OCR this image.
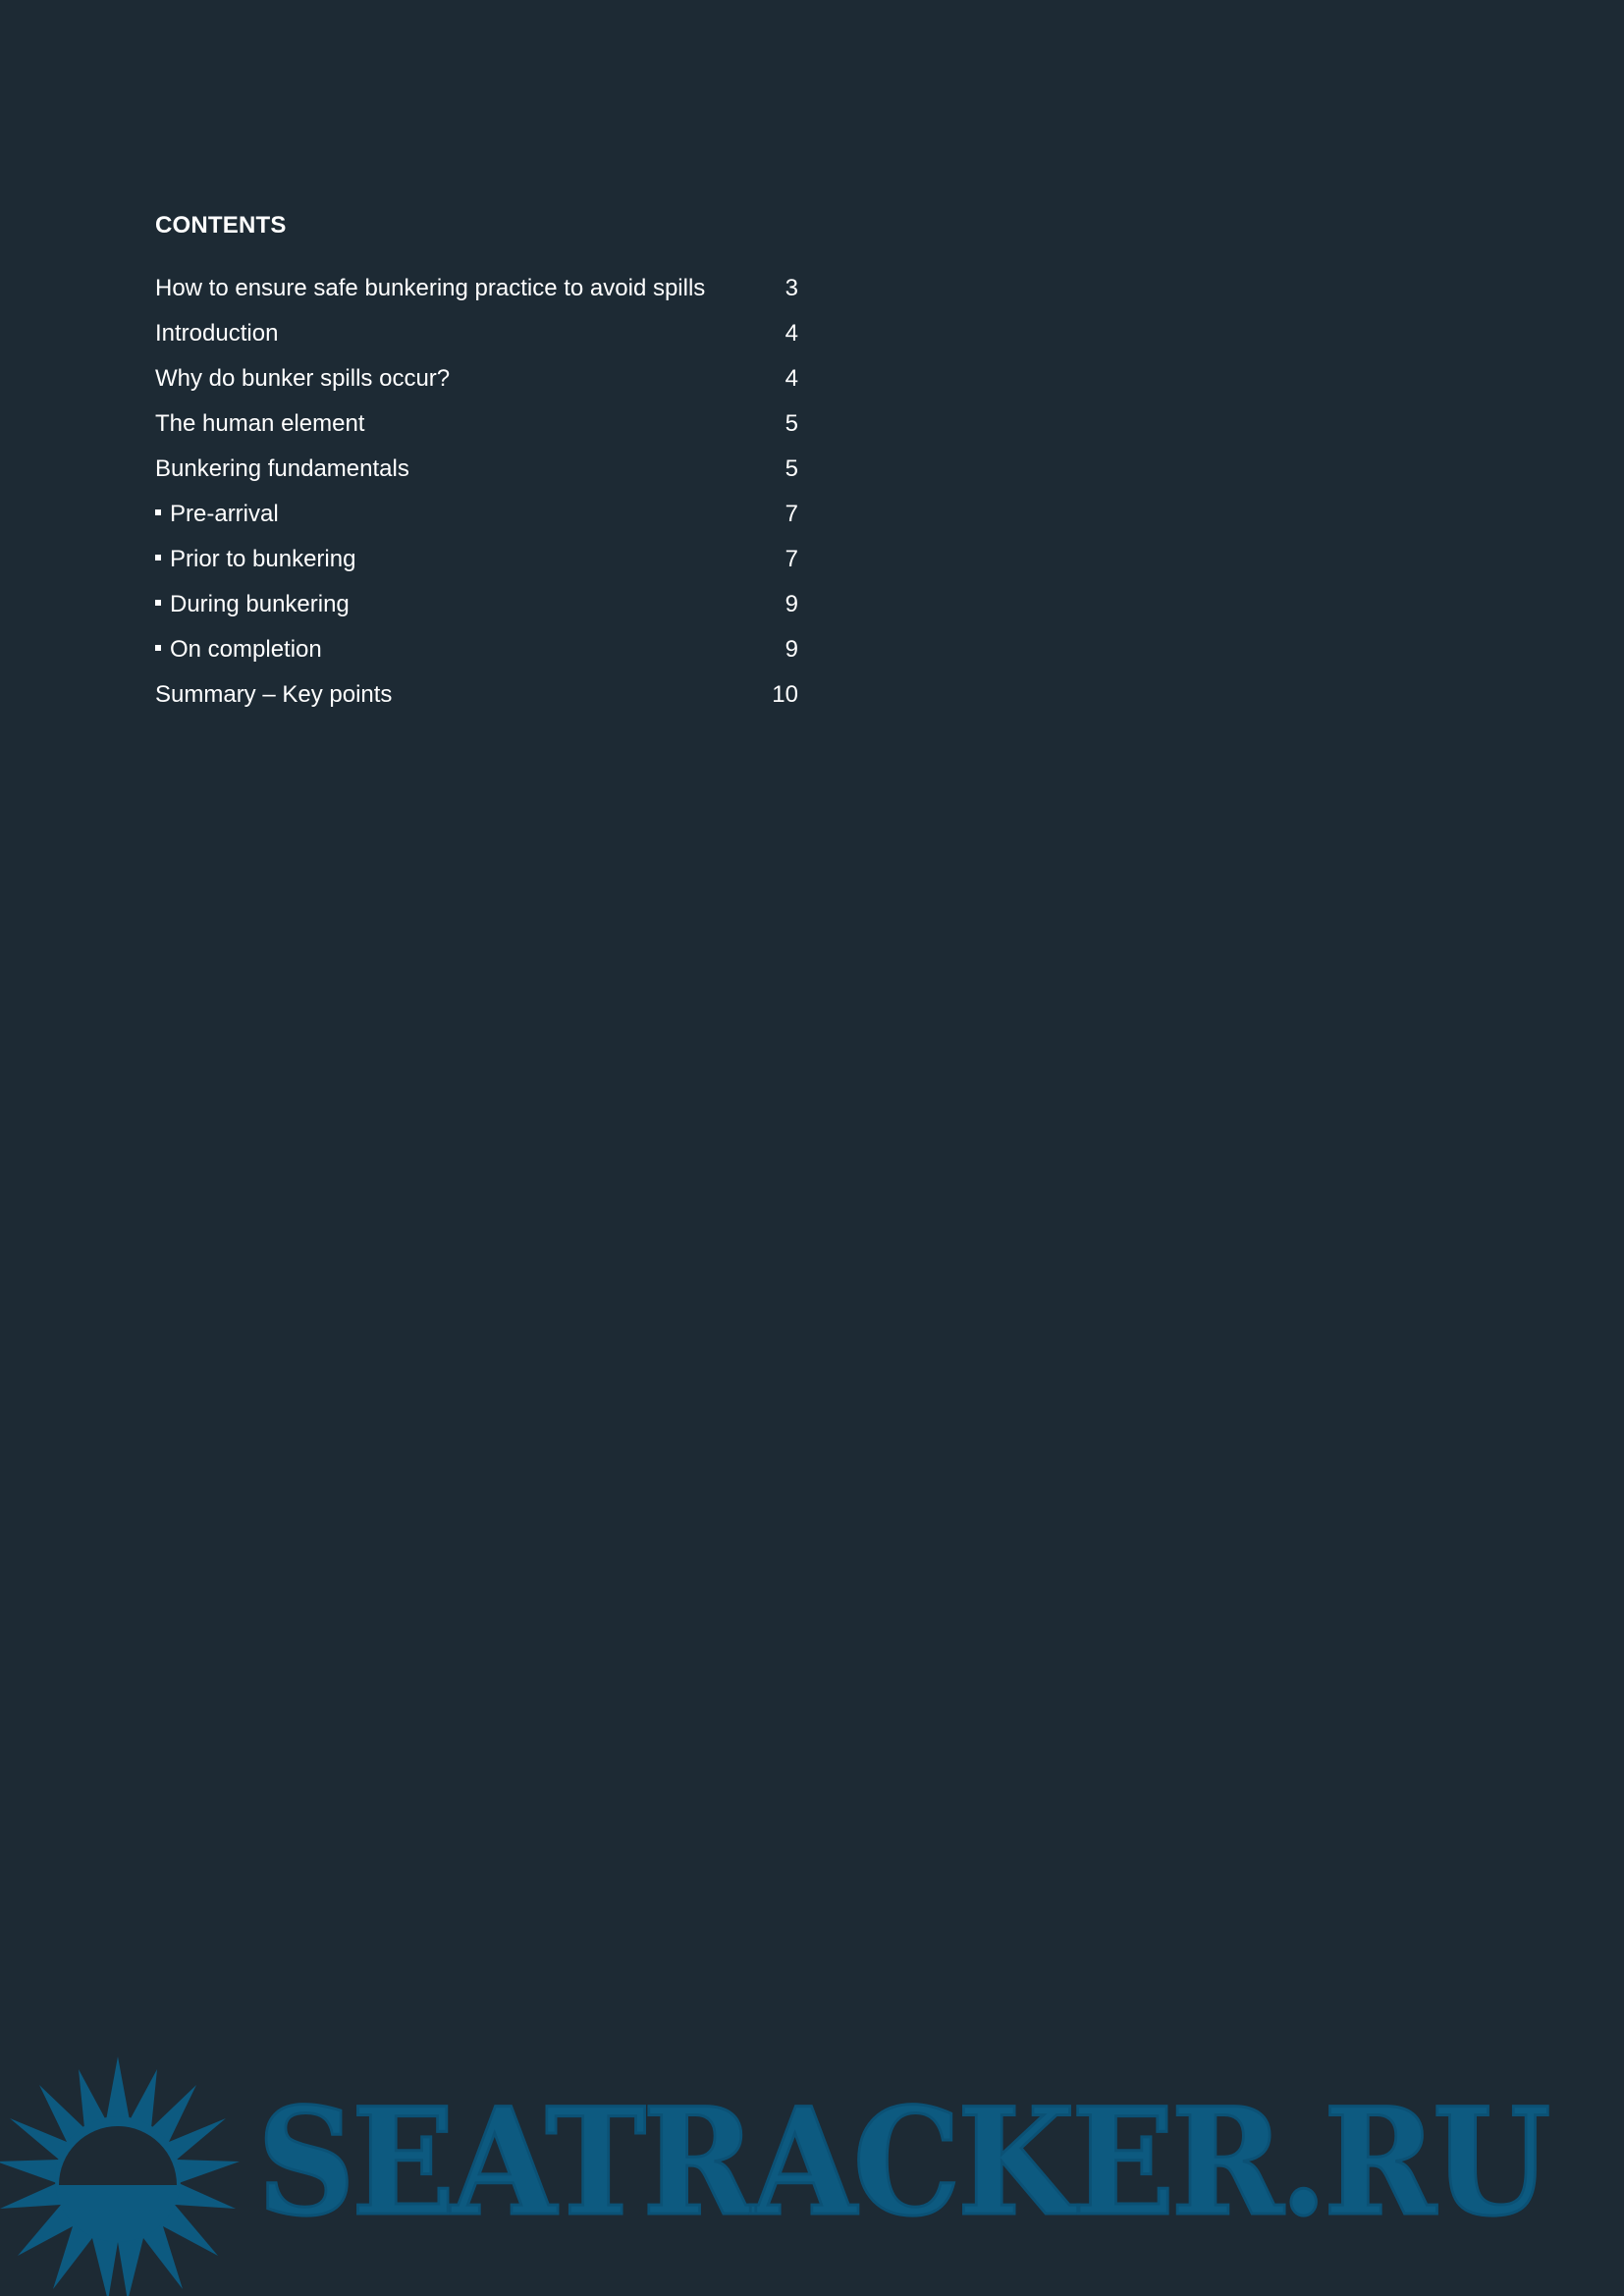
CONTENTS
How to ensure safe bunkering practice to avoid spills	3
Introduction	4
Why do bunker spills occur?	4
The human element	5
Bunkering fundamentals	5
Pre-arrival	7
Prior to bunkering	7
During bunkering	9
On completion	9
Summary – Key points	10
SEATRACKER.RU
